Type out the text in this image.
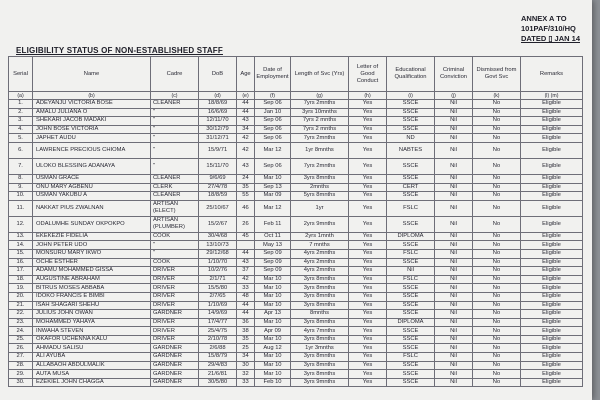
ANNEX A TO
101PAF/310/HQ
DATED ▯ JAN 14
ELIGIBILITY STATUS OF NON-ESTABLISHED STAFF
Serial	Name	Cadre	DoB	Age	Date of Employment	Length of Svc (Yrs)	Letter of Good Conduct	Educational Qualification	Criminal Conviction	Dismissed from Govt Svc	Remarks
(a)	(b)	(c)	(d)	(e)	(f)	(g)	(h)	(i)	(j)	(k)	(l) (m)
1.	ADEYANJU VICTORIA BOSE	CLEANER	18/8/69	44	Sep 06	7yrs 2mnths	Yes	SSCE	Nil	No	Eligible
2.	AMALU JULIANA O	"	16/6/69	44	Jan 10	3yrs 10mnths	Yes	SSCE	Nil	No	Eligible
3.	SHEKARI JACOB MADAKI	"	12/11/70	43	Sep 06	7yrs 2 mnths	Yes	SSCE	Nil	No	Eligible
4.	JOHN BOSE VICTORIA	"	30/12/79	34	Sep 06	7yrs 2 mnths	Yes	SSCE	Nil	No	Eligible
5.	JAPHET AUDU	"	31/12/71	42	Sep 06	7yrs 2mnths	Yes	ND	Nil	No	Eligible
6.	LAWRENCE PRECIOUS CHIOMA	"	15/9/71	42	Mar 12	1yr 8mnths	Yes	NABTES	Nil	No	Eligible
7.	ULOKO BLESSING ADANAYA	"	15/11/70	43	Sep 06	7yrs 2mnths	Yes	SSCE	Nil	No	Eligible
8.	USMAN GRACE	CLEANER	9/6/69	24	Mar 10	3yrs 8mnths	Yes	SSCE	Nil	No	Eligible
9.	ONU MARY AGBENU	CLERK	27/4/78	35	Sep 13	2mnths	Yes	CERT	Nil	No	Eligible
10.	USMAN YAKUBU A	CLEANER	18/8/59	55	Mar 09	5yrs 8mnths	Yes	SSCE	Nil	No	Eligible
11.	NAKKAT PIUS ZWALNAN	ARTISAN (ELECT)	25/10/67	46	Mar 12	1yr	Yes	FSLC	Nil	No	Eligible
12.	ODALUMHE SUNDAY OKPOKPO	ARTISAN (PLUMBER)	15/2/67	26	Feb 11	2yrs 9mnths	Yes	SSCE	Nil	No	Eligible
13.	EKEKEZIE FIDELIA	COOK	30/4/68	45	Oct 11	2yrs 1mnth	Yes	DIPLOMA	Nil	No	Eligible
14.	JOHN PETER UDO	"	13/10/73		May 13	7 mnths	Yes	SSCE	Nil	No	Eligible
15.	MONSURU MARY IKWO	"	29/12/68	44	Sep 09	4yrs 2mnths	Yes	FSLC	Nil	No	Eligible
16.	OCHE ESTHER	COOK	1/10/70	43	Sep 09	4yrs 2mnths	Yes	SSCE	Nil	No	Eligible
17.	ADAMU MOHAMMED GISSA	DRIVER	10/2/76	37	Sep 09	4yrs 2mnths	Yes	Nil	Nil	No	Eligible
18.	AUGUSTINE ABRAHAM	DRIVER	2/1/71	42	Mar 10	3yrs 8mnths	Yes	FSLC	Nil	No	Eligible
19.	BITRUS MOSES ABBABA	DRIVER	15/5/80	33	Mar 10	3yrs 8mnths	Yes	SSCE	Nil	No	Eligible
20.	IDOKO FRANCIS E BIMBI	DRIVER	2/7/65	48	Mar 10	3yrs 8mnths	Yes	SSCE	Nil	No	Eligible
21.	ISAH SHAGARI SHEHU	DRIVER	1/10/69	44	Mar 10	3yrs 8mnths	Yes	SSCE	Nil	No	Eligible
22.	JULIUS JOHN OWAN	GARDNER	14/9/69	44	Apr 13	8mnths	Yes	SSCE	Nil	No	Eligible
23.	MOHAMMED YAHAYA	DRIVER	17/4/77	36	Mar 10	3yrs 8mnths	Yes	DIPLOMA	Nil	No	Eligible
24.	INWAHA STEVEN	DRIVER	25/4/75	38	Apr 09	4yrs 7mnths	Yes	SSCE	Nil	No	Eligible
25.	OKAFOR UCHENNA KALU	DRIVER	2/10/78	35	Mar 10	3yrs 8mnths	Yes	SSCE	Nil	No	Eligible
26.	AHMADU SALISU	GARDNER	2/6/88	25	Aug 12	1yr 3mnths	Yes	SSCE	Nil	No	Eligible
27.	ALI AYUBA	GARDNER	15/8/79	34	Mar 10	3yrs 8mnths	Yes	FSLC	Nil	No	Eligible
28.	ALLABAOH ABDULMALIK	GARDNER	29/4/83	30	Mar 10	3yrs 8mnths	Yes	SSCE	Nil	No	Eligible
29.	AUTA MUSA	GARDNER	21/6/81	32	Mar 10	3yrs 8mnths	Yes	SSCE	Nil	No	Eligible
30.	EZEKIEL JOHN CHAGGA	GARDNER	30/5/80	33	Feb 10	3yrs 9mnths	Yes	SSCE	Nil	No	Eligible
